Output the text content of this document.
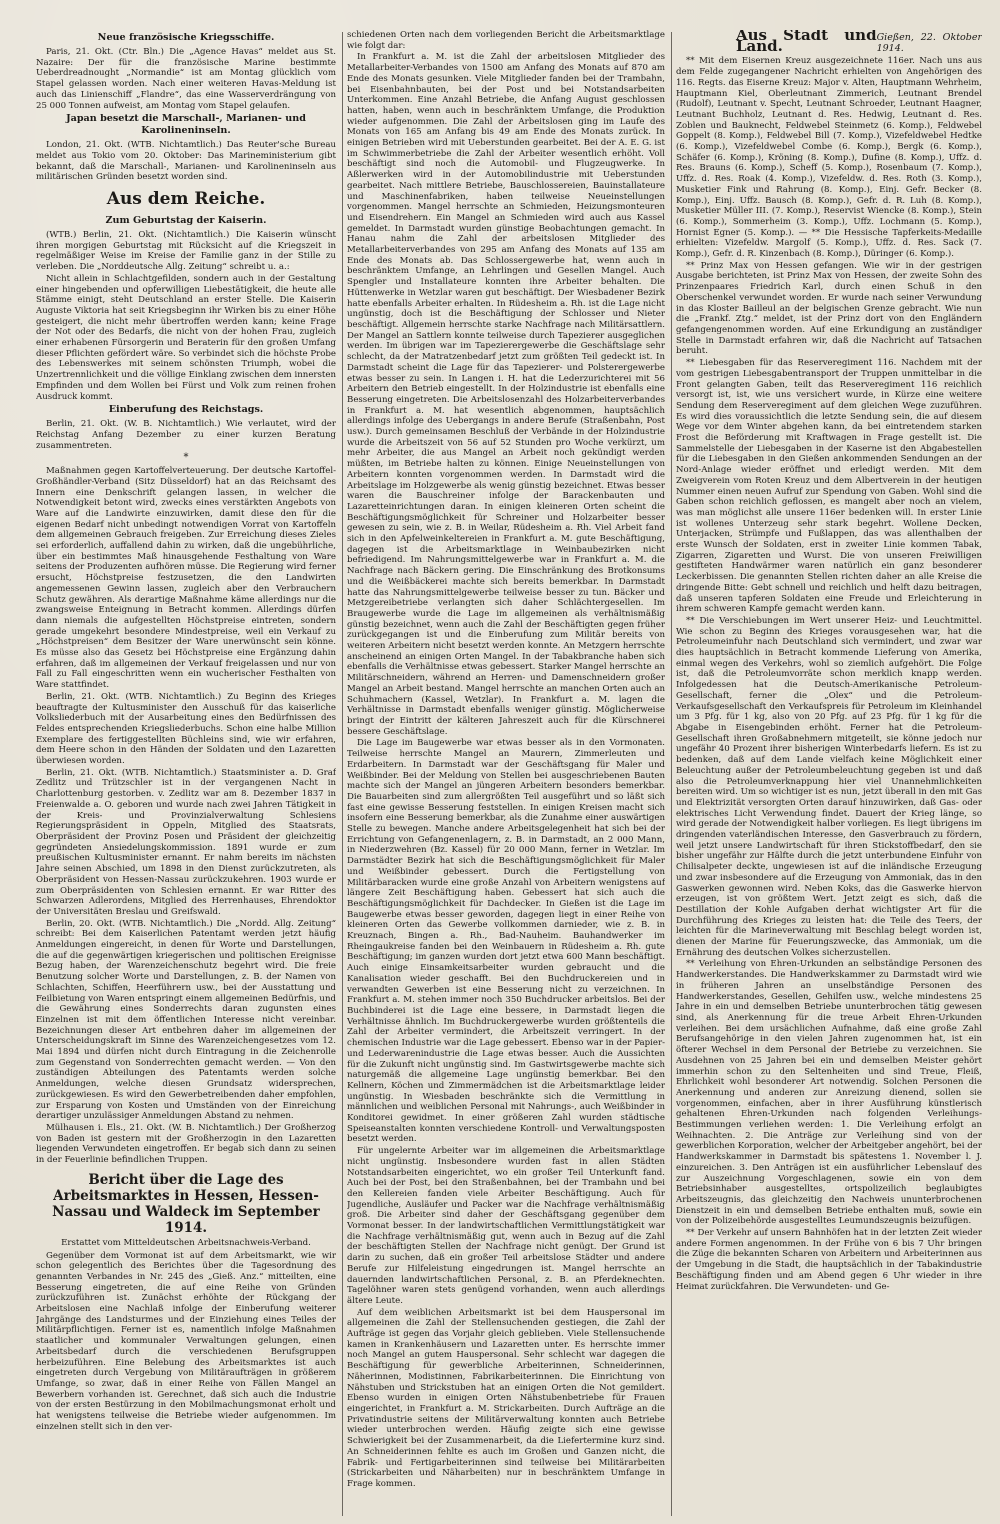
Neue französische Kriegsschiffe.

Paris, 21. Okt. (Ctr. Bln.) Die „Agence Havas“ meldet aus St. Nazaire: Der für die französische Marine bestimmte Ueberdreadnought „Normandie“ ist am Montag glücklich vom Stapel gelassen worden. Nach einer weiteren Havas-Meldung ist auch das Linienschiff „Flandre“, das eine Wasserverdrängung von 25 000 Tonnen aufweist, am Montag vom Stapel gelaufen.

Japan besetzt die Marschall-, Marianen- und Karolineninseln.

London, 21. Okt. (WTB. Nichtamtlich.) Das Reuter'sche Bureau meldet aus Tokio vom 20. Oktober: Das Marineministerium gibt bekannt, daß die Marschall-, Marianen- und Karolineninseln aus militärischen Gründen besetzt worden sind.

Aus dem Reiche.
Zum Geburtstag der Kaiserin.

(WTB.) Berlin, 21. Okt. (Nichtamtlich.) Die Kaiserin wünscht ihren morgigen Geburtstag mit Rücksicht auf die Kriegszeit in regelmäßiger Weise im Kreise der Familie ganz in der Stille zu verleben. Die „Norddeutsche Allg. Zeitung“ schreibt u. a.:

Nicht allein in Schlachtgefilden, sondern auch in der Gestaltung einer hingebenden und opferwilligen Liebestätigkeit, die heute alle Stämme einigt, steht Deutschland an erster Stelle. Die Kaiserin Auguste Viktoria hat seit Kriegsbeginn ihr Wirken bis zu einer Höhe gesteigert, die nicht mehr übertroffen werden kann; keine Frage der Not oder des Bedarfs, die nicht von der hohen Frau, zugleich einer erhabenen Fürsorgerin und Beraterin für den großen Umfang dieser Pflichten gefördert wäre. So verbindet sich die höchste Probe des Lebenswerkes mit seinem schönsten Triumph, wobei die Unzertrennlichkeit und die völlige Einklang zwischen dem innersten Empfinden und dem Wollen bei Fürst und Volk zum reinen frohen Ausdruck kommt.

Einberufung des Reichstags.

Berlin, 21. Okt. (W. B. Nichtamtlich.) Wie verlautet, wird der Reichstag Anfang Dezember zu einer kurzen Beratung zusammentreten.

*

Maßnahmen gegen Kartoffelverteuerung. Der deutsche Kartoffel-Großhändler-Verband (Sitz Düsseldorf) hat an das Reichsamt des Innern eine Denkschrift gelangen lassen, in welcher die Notwendigkeit betont wird, zwecks eines verstärkten Angebots von Ware auf die Landwirte einzuwirken, damit diese den für die eigenen Bedarf nicht unbedingt notwendigen Vorrat von Kartoffeln dem allgemeinen Gebrauch freigeben. Zur Erreichung dieses Zieles sei erforderlich, auffallend dahin zu wirken, daß die ungebührliche, über ein bestimmtes Maß hinausgehende Festhaltung von Ware seitens der Produzenten aufhören müsse. Die Regierung wird ferner ersucht, Höchstpreise festzusetzen, die den Landwirten angemessenen Gewinn lassen, zugleich aber den Verbrauchern Schutz gewähren. Als derartige Maßnahme käme allerdings nur die zwangsweise Enteignung in Betracht kommen. Allerdings dürfen dann niemals die aufgestellten Höchstpreise eintreten, sondern gerade umgekehrt besondere Mindestpreise, weil ein Verkauf zu „Höchstpreisen“ dem Besitzer der Ware unerwünscht sein könne. Es müsse also das Gesetz bei Höchstpreise eine Ergänzung dahin erfahren, daß im allgemeinen der Verkauf freigelassen und nur von Fall zu Fall eingeschritten wenn ein wucherischer Festhalten von Ware stattfindet.

Berlin, 21. Okt. (WTB. Nichtamtlich.) Zu Beginn des Krieges beauftragte der Kultusminister den Ausschuß für das kaiserliche Volksliederbuch mit der Ausarbeitung eines den Bedürfnissen des Feldes entsprechenden Kriegsliederbuchs. Schon eine halbe Million Exemplare des fertiggestellten Büchleins sind, wie wir erfahren, dem Heere schon in den Händen der Soldaten und den Lazaretten überwiesen worden.

Berlin, 21. Okt. (WTB. Nichtamtlich.) Staatsminister a. D. Graf Zedlitz und Trützschler ist in der vergangenen Nacht in Charlottenburg gestorben. v. Zedlitz war am 8. Dezember 1837 in Freienwalde a. O. geboren und wurde nach zwei Jahren Tätigkeit in der Kreis- und Provinzialverwaltung Schlesiens Regierungspräsident in Oppeln, Mitglied des Staatsrats, Oberpräsident der Provinz Posen und Präsident der gleichzeitig gegründeten Ansiedelungskommission. 1891 wurde er zum preußischen Kultusminister ernannt. Er nahm bereits im nächsten Jahre seinen Abschied, um 1898 in den Dienst zurückzutreten, als Oberpräsident von Hessen-Nassau zurückzukehren. 1903 wurde er zum Oberpräsidenten von Schlesien ernannt. Er war Ritter des Schwarzen Adlerordens, Mitglied des Herrenhauses, Ehrendoktor der Universitäten Breslau und Greifswald.

Berlin, 20. Okt. (WTB. Nichtamtlich.) Die „Nordd. Allg. Zeitung“ schreibt: Bei dem Kaiserlichen Patentamt werden jetzt häufig Anmeldungen eingereicht, in denen für Worte und Darstellungen, die auf die gegenwärtigen kriegerischen und politischen Ereignisse Bezug haben, der Warenzeichenschutz begehrt wird. Die freie Benutzung solcher Worte und Darstellungen, z. B. der Namen von Schlachten, Schiffen, Heerführern usw., bei der Ausstattung und Feilbietung von Waren entspringt einem allgemeinen Bedürfnis, und die Gewährung eines Sonderrechts daran zugunsten eines Einzelnen ist mit dem öffentlichen Interesse nicht vereinbar. Bezeichnungen dieser Art entbehren daher im allgemeinen der Unterscheidungskraft im Sinne des Warenzeichengesetzes vom 12. Mai 1894 und dürfen nicht durch Eintragung in die Zeichenrolle zum Gegenstand von Sonderrechten gemacht werden. — Von den zuständigen Abteilungen des Patentamts werden solche Anmeldungen, welche diesen Grundsatz widersprechen, zurückgewiesen. Es wird den Gewerbetreibenden daher empfohlen, zur Ersparung von Kosten und Umständen von der Einreichung derartiger unzulässiger Anmeldungen Abstand zu nehmen.

Mülhausen i. Els., 21. Okt. (W. B. Nichtamtlich.) Der Großherzog von Baden ist gestern mit der Großherzogin in den Lazaretten liegenden Verwundeten eingetroffen. Er begab sich dann zu seinen in der Feuerlinie befindlichen Truppen.

Bericht über die Lage des Arbeitsmarktes in Hessen, Hessen-Nassau und Waldeck im September 1914.
Erstattet vom Mitteldeutschen Arbeitsnachweis-Verband.

Gegenüber dem Vormonat ist auf dem Arbeitsmarkt, wie wir schon gelegentlich des Berichtes über die Tagesordnung des genannten Verbandes in Nr. 245 des „Gieß. Anz.“ mitteilten, eine Besserung eingetreten, die auf eine Reihe von Gründen zurückzuführen ist. Zunächst erhöhte der Rückgang der Arbeitslosen eine Nachlaß infolge der Einberufung weiterer Jahrgänge des Landsturmes und der Einziehung eines Teiles der Militärpflichtigen. Ferner ist es, namentlich infolge Maßnahmen staatlicher und kommunaler Verwaltungen gelungen, einen Arbeitsbedarf durch die verschiedenen Berufsgruppen herbeizuführen. Eine Belebung des Arbeitsmarktes ist auch eingetreten durch Vergebung von Militäraufträgen in größerem Umfange, so zwar, daß in einer Reihe von Fällen Mangel an Bewerbern vorhanden ist. Gerechnet, daß sich auch die Industrie von der ersten Bestürzung in den Mobilmachungsmonat erholt und hat wenigstens teilweise die Betriebe wieder aufgenommen. Im einzelnen stellt sich in den ver-

schiedenen Orten nach dem vorliegenden Bericht die Arbeitsmarktlage wie folgt dar:

In Frankfurt a. M. ist die Zahl der arbeitslosen Mitglieder des Metallarbeiter-Verbandes von 1500 am Anfang des Monats auf 870 am Ende des Monats gesunken. Viele Mitglieder fanden bei der Trambahn, bei Eisenbahnbauten, bei der Post und bei Notstandsarbeiten Unterkommen. Eine Anzahl Betriebe, die Anfang August geschlossen hatten, haben, wenn auch in beschränktem Umfange, die Produktion wieder aufgenommen. Die Zahl der Arbeitslosen ging im Laufe des Monats von 165 am Anfang bis 49 am Ende des Monats zurück. In einigen Betrieben wird mit Ueberstunden gearbeitet. Bei der A. E. G. ist im Schwimmerbetriebe die Zahl der Arbeiter wesentlich erhöht. Voll beschäftigt sind noch die Automobil- und Flugzeugwerke. In Aßlerwerken wird in der Automobilindustrie mit Ueberstunden gearbeitet. Nach mittlere Betriebe, Bauschlossereien, Bauinstallateure und Maschinenfabriken, haben teilweise Neueinstellungen vorgenommen. Mangel herrschte an Schmieden, Heizungsmonteuren und Eisendrehern. Ein Mangel an Schmieden wird auch aus Kassel gemeldet. In Darmstadt wurden günstige Beobachtungen gemacht. In Hanau nahm die Zahl der arbeitslosen Mitglieder des Metallarbeiterverbandes von 295 am Anfang des Monats auf 135 am Ende des Monats ab. Das Schlossergewerbe hat, wenn auch in beschränktem Umfange, an Lehrlingen und Gesellen Mangel. Auch Spengler und Installateure konnten ihre Arbeiter behalten. Die Hüttenwerke in Wetzlar waren gut beschäftigt. Der Wiesbadener Bezirk hatte ebenfalls Arbeiter erhalten. In Rüdesheim a. Rh. ist die Lage nicht ungünstig, doch ist die Beschäftigung der Schlosser und Nieter beschäftigt. Allgemein herrschte starke Nachfrage nach Militärsattlern. Der Mangel an Sattlern konnte teilweise durch Tapezierer ausgeglichen werden. Im übrigen war im Tapezierergewerbe die Geschäftslage sehr schlecht, da der Matratzenbedarf jetzt zum größten Teil gedeckt ist. In Darmstadt scheint die Lage für das Tapezierer- und Polsterergewerbe etwas besser zu sein. In Langen i. H. hat die Lederzurichterei mit 56 Arbeitern den Betrieb eingestellt. In der Holzindustrie ist ebenfalls eine Besserung eingetreten. Die Arbeitslosenzahl des Holzarbeiterverbandes in Frankfurt a. M. hat wesentlich abgenommen, hauptsächlich allerdings infolge des Uebergangs in andere Berufe (Straßenbahn, Post usw.). Durch gemeinsamen Beschluß der Verbände in der Holzindustrie wurde die Arbeitszeit von 56 auf 52 Stunden pro Woche verkürzt, um mehr Arbeiter, die aus Mangel an Arbeit noch gekündigt werden müßten, im Betriebe halten zu können. Einige Neueinstellungen von Arbeitern konnten vorgenommen werden. In Darmstadt wird die Arbeitslage im Holzgewerbe als wenig günstig bezeichnet. Etwas besser waren die Bauschreiner infolge der Barackenbauten und Lazaretteinrichtungen daran. In einigen kleineren Orten scheint die Beschäftigungsmöglichkeit für Schreiner und Holzarbeiter besser gewesen zu sein, wie z. B. in Weilar, Rüdesheim a. Rh. Viel Arbeit fand sich in den Apfelweinkeltereien in Frankfurt a. M. gute Beschäftigung, dagegen ist die Arbeitsmarktlage in Weinbaubezirken nicht befriedigend. Im Nahrungsmittelgewerbe war in Frankfurt a. M. die Nachfrage nach Bäckern gering. Die Einschränkung des Brotkonsums und die Weißbäckerei machte sich bereits bemerkbar. In Darmstadt hatte das Nahrungsmittelgewerbe teilweise besser zu tun. Bäcker und Metzgereibetriebe verlangten sich daher Schlächtergesellen. Im Braugewerbe wurde die Lage im allgemeinen als verhältnismäßig günstig bezeichnet, wenn auch die Zahl der Beschäftigten gegen früher zurückgegangen ist und die Einberufung zum Militär bereits von weiteren Arbeitern nicht besetzt werden konnte. An Metzgern herrschte anscheinend an einigen Orten Mangel. In der Tabakbranche haben sich ebenfalls die Verhältnisse etwas gebessert. Starker Mangel herrschte an Militärschneidern, während an Herren- und Damenschneidern großer Mangel an Arbeit bestand. Mangel herrschte an manchen Orten auch an Schuhmachern (Kassel, Wetzlar). In Frankfurt a. M. lagen die Verhältnisse in Darmstadt ebenfalls weniger günstig. Möglicherweise bringt der Eintritt der kälteren Jahreszeit auch für die Kürschnerei bessere Geschäftslage.

Die Lage im Baugewerbe war etwas besser als in den Vormonaten. Teilweise herrschte Mangel an Maurern, Zimmerleuten und Erdarbeitern. In Darmstadt war der Geschäftsgang für Maler und Weißbinder. Bei der Meldung von Stellen bei ausgeschriebenen Bauten machte sich der Mangel an jüngeren Arbeitern besonders bemerkbar. Die Bauarbeiten sind zum allergrößten Teil ausgeführt und so läßt sich fast eine gewisse Besserung feststellen. In einigen Kreisen macht sich insofern eine Besserung bemerkbar, als die Zunahme einer auswärtigen Stelle zu bewegen. Manche andere Arbeitsgelegenheit hat sich bei der Errichtung von Gefangenenlagern, z. B. in Darmstadt, an 2 000 Mann, in Niederzwehren (Bz. Kassel) für 20 000 Mann, ferner in Wetzlar. Im Darmstädter Bezirk hat sich die Beschäftigungsmöglichkeit für Maler und Weißbinder gebessert. Durch die Fertigstellung von Militärbaracken wurde eine große Anzahl von Arbeitern wenigstens auf längere Zeit Beschäftigung haben. Gebessert hat sich auch die Beschäftigungsmöglichkeit für Dachdecker. In Gießen ist die Lage im Baugewerbe etwas besser geworden, dagegen liegt in einer Reihe von kleineren Orten das Gewerbe vollkommen darnieder, wie z. B. in Kreuznach, Bingen a. Rh., Bad-Nauheim. Bauhandwerker im Rheingaukreise fanden bei den Weinbauern in Rüdesheim a. Rh. gute Beschäftigung; im ganzen wurden dort jetzt etwa 600 Mann beschäftigt. Auch einige Einsamkeitsarbeiter wurden gebraucht und die Kanalisation wieder geschafft. Bei den Buchdruckereien und in verwandten Gewerben ist eine Besserung nicht zu verzeichnen. In Frankfurt a. M. stehen immer noch 350 Buchdrucker arbeitslos. Bei der Buchbinderei ist die Lage eine bessere, in Darmstadt liegen die Verhältnisse ähnlich. Im Buchdruckergewerbe wurden größtenteils die Zahl der Arbeiter vermindert, die Arbeitszeit verringert. In der chemischen Industrie war die Lage gebessert. Ebenso war in der Papier- und Lederwarenindustrie die Lage etwas besser. Auch die Aussichten für die Zukunft nicht ungünstig sind. Im Gastwirtsgewerbe machte sich naturgemäß die allgemeine Lage ungünstig bemerkbar. Bei den Kellnern, Köchen und Zimmermädchen ist die Arbeitsmarktlage leider ungünstig. In Wiesbaden beschränkte sich die Vermittlung in männlichen und weiblichen Personal mit Nahrungs-, auch Weißbinder in Konditorei gewidmet. In einer größeren Zahl wurden städtische Speiseanstalten konnten verschiedene Kontroll- und Verwaltungsposten besetzt werden.

Für ungelernte Arbeiter war im allgemeinen die Arbeitsmarktlage nicht ungünstig. Insbesondere wurden fast in allen Städten Notstandsarbeiten eingerichtet, wo ein großer Teil Unterkunft fand. Auch bei der Post, bei den Straßenbahnen, bei der Trambahn und bei den Kellereien fanden viele Arbeiter Beschäftigung. Auch für Jugendliche, Ausläufer und Packer war die Nachfrage verhältnismäßig groß. Die Arbeiter sind daher der Geschäftsgang gegenüber dem Vormonat besser. In der landwirtschaftlichen Vermittlungstätigkeit war die Nachfrage verhältnismäßig gut, wenn auch in Bezug auf die Zahl der beschäftigten Stellen der Nachfrage nicht genügt. Der Grund ist darin zu suchen, daß ein großer Teil arbeitslose Städter und andere Berufe zur Hilfeleistung eingedrungen ist. Mangel herrschte an dauernden landwirtschaftlichen Personal, z. B. an Pferdeknechten. Tagelöhner waren stets genügend vorhanden, wenn auch allerdings ältere Leute.

Auf dem weiblichen Arbeitsmarkt ist bei dem Hauspersonal im allgemeinen die Zahl der Stellensuchenden gestiegen, die Zahl der Aufträge ist gegen das Vorjahr gleich geblieben. Viele Stellensuchende kamen in Krankenhäusern und Lazaretten unter. Es herrschte immer noch Mangel an gutem Hauspersonal. Sehr schlecht war dagegen die Beschäftigung für gewerbliche Arbeiterinnen, Schneiderinnen, Näherinnen, Modistinnen, Fabrikarbeiterinnen. Die Einrichtung von Nähstuben und Strickstuben hat an einigen Orten die Not gemildert. Ebenso wurden in einigen Orten Nähstubenbetriebe für Frauen eingerichtet, in Frankfurt a. M. Strickarbeiten. Durch Aufträge an die Privatindustrie seitens der Militärverwaltung konnten auch Betriebe wieder unterbrochen werden. Häufig zeigte sich eine gewisse Schwierigkeit bei der Zusammenarbeit, da die Liefertermine kurz sind. An Schneiderinnen fehlte es auch im Großen und Ganzen nicht, die Fabrik- und Fertigarbeiterinnen sind teilweise bei Militärarbeiten (Strickarbeiten und Näharbeiten) nur in beschränktem Umfange in Frage kommen.

Aus Stadt und Land.	Gießen, 22. Oktober 1914.

** Mit dem Eisernen Kreuz ausgezeichnete 116er. Nach uns aus dem Felde zugegangener Nachricht erhielten von Angehörigen des 116. Regts. das Eiserne Kreuz: Major v. Alten, Hauptmann Wehrheim, Hauptmann Kiel, Oberleutnant Zimmerich, Leutnant Brendel (Rudolf), Leutnant v. Specht, Leutnant Schroeder, Leutnant Haagner, Leutnant Buchholz, Leutnant d. Res. Hedwig, Leutnant d. Res. Zoblen und Bauknecht, Feldwebel Steinmetz (6. Komp.), Feldwebel Goppelt (8. Komp.), Feldwebel Bill (7. Komp.), Vizefeldwebel Hedtke (6. Komp.), Vizefeldwebel Combe (6. Komp.), Bergk (6. Komp.), Schäfer (6. Komp.), Kröning (8. Komp.), Dufine (8. Komp.), Uffz. d. Res. Brauns (6. Komp.), Scheff (5. Komp.), Rosenbaum (7. Komp.), Uffz. d. Res. Roak (4. Komp.), Vizefeldw. d. Res. Roth (3. Komp.), Musketier Fink und Rahrung (8. Komp.), Einj. Gefr. Becker (8. Komp.), Einj. Uffz. Bausch (8. Komp.), Gefr. d. R. Luh (8. Komp.), Musketier Müller III. (7. Komp.), Reservist Wiencke (8. Komp.), Stein (6. Komp.), Sommerheim (3. Komp.), Uffz. Lochmann (5. Komp.), Hornist Egner (5. Komp.). — ** Die Hessische Tapferkeits-Medaille erhielten: Vizefeldw. Margolf (5. Komp.), Uffz. d. Res. Sack (7. Komp.), Gefr. d. R. Kinzenbach (8. Komp.), Düringer (6. Komp.).

** Prinz Max von Hessen gefangen. Wie wir in der gestrigen Ausgabe berichteten, ist Prinz Max von Hessen, der zweite Sohn des Prinzenpaares Friedrich Karl, durch einen Schuß in den Oberschenkel verwundet worden. Er wurde nach seiner Verwundung in das Kloster Bailleul an der belgischen Grenze gebracht. Wie nun die „Frankf. Ztg.“ meldet, ist der Prinz dort von den Engländern gefangengenommen worden. Auf eine Erkundigung an zuständiger Stelle in Darmstadt erfahren wir, daß die Nachricht auf Tatsachen beruht.

** Liebesgaben für das Reserveregiment 116. Nachdem mit der vom gestrigen Liebesgabentransport der Truppen unmittelbar in die Front gelangten Gaben, teilt das Reserveregiment 116 reichlich versorgt ist, ist, wie uns versichert wurde, in Kürze eine weitere Sendung dem Reserveregiment auf dem gleichen Wege zuzuführen. Es wird dies voraussichtlich die letzte Sendung sein, die auf diesem Wege vor dem Winter abgehen kann, da bei eintretendem starken Frost die Beförderung mit Kraftwagen in Frage gestellt ist. Die Sammelstelle der Liebesgaben in der Kaserne ist den Abgabestellen für die Liebesgaben in den Gießen ankommenden Sendungen an der Nord-Anlage wieder eröffnet und erledigt werden. Mit dem Zweigverein vom Roten Kreuz und dem Albertverein in der heutigen Nummer einen neuen Aufruf zur Spendung von Gaben. Wohl sind die Gaben schon reichlich geflossen, es mangelt aber noch an vielem, was man möglichst alle unsere 116er bedenken will. In erster Linie ist wollenes Unterzeug sehr stark begehrt. Wollene Decken, Unterjacken, Strümpfe und Fußlappen, das was allenthalben der erste Wunsch der Soldaten, erst in zweiter Linie kommen Tabak, Zigarren, Zigaretten und Wurst. Die von unseren Freiwilligen gestifteten Handwärmer waren natürlich ein ganz besonderer Leckerbissen. Die genannten Stellen richten daher an alle Kreise die dringende Bitte: Gebt schnell und reichlich und helft dazu beitragen, daß unseren tapferen Soldaten eine Freude und Erleichterung in ihrem schweren Kampfe gemacht werden kann.

** Die Verschiebungen im Wert unserer Heiz- und Leuchtmittel. Wie schon zu Beginn des Krieges vorausgesehen war, hat die Petroleumeinfuhr nach Deutschland sich vermindert, und zwar war dies hauptsächlich in Betracht kommende Lieferung von Amerika, einmal wegen des Verkehrs, wohl so ziemlich aufgehört. Die Folge ist, daß die Petroleumvorräte schon merklich knapp werden. Infolgedessen hat die Deutsch-Amerikanische Petroleum-Gesellschaft, ferner die „Olex“ und die Petroleum-Verkaufsgesellschaft den Verkaufspreis für Petroleum im Kleinhandel um 3 Pfg. für 1 kg, also von 20 Pfg. auf 23 Pfg. für 1 kg für die Abgabe in Eisengebinden erhöht. Ferner hat die Petroleum-Gesellschaft ihren Großabnehmern mitgeteilt, sie könne jedoch nur ungefähr 40 Prozent ihrer bisherigen Winterbedarfs liefern. Es ist zu bedenken, daß auf dem Lande vielfach keine Möglichkeit einer Beleuchtung außer der Petroleumbeleuchtung gegeben ist und daß also die Petroleumverknappung hier viel Unannehmlichkeiten bereiten wird. Um so wichtiger ist es nun, jetzt überall in den mit Gas und Elektrizität versorgten Orten darauf hinzuwirken, daß Gas- oder elektrisches Licht Verwendung findet. Dauert der Krieg länge, so wird gerade der Notwendigkeit halber vorliegen. Es liegt übrigens im dringenden vaterländischen Interesse, den Gasverbrauch zu fördern, weil jetzt unsere Landwirtschaft für ihren Stickstoffbedarf, den sie bisher ungefähr zur Hälfte durch die jetzt unterbundene Einfuhr von Chilisalpeter deckte, ungewiesen ist auf die inländische Erzeugung und zwar insbesondere auf die Erzeugung von Ammoniak, das in den Gaswerken gewonnen wird. Neben Koks, das die Gaswerke hiervon erzeugen, ist von größtem Wert. Jetzt zeigt es sich, daß die Destillation der Kohle Aufgaben derhat wichtigster Art für die Durchführung des Krieges zu leisten hat: die Teile des Teers, der leichten für die Marineverwaltung mit Beschlag belegt worden ist, dienen der Marine für Feuerungszwecke, das Ammoniak, um die Ernährung des deutschen Volkes sicherzustellen.

** Verleihung von Ehren-Urkunden an selbständige Personen des Handwerkerstandes. Die Handwerkskammer zu Darmstadt wird wie in früheren Jahren an unselbständige Personen des Handwerkerstandes, Gesellen, Gehilfen usw., welche mindestens 25 Jahre in ein und demselben Betriebe ununterbrochen tätig gewesen sind, als Anerkennung für die treue Arbeit Ehren-Urkunden verleihen. Bei dem ursächlichen Aufnahme, daß eine große Zahl Berufsangehörige in den vielen Jahren zugenommen hat, ist ein öfterer Wechsel in dem Personal der Betriebe zu verzeichnen. Sie Ausdehnen von 25 Jahren bei ein und demselben Meister gehört immerhin schon zu den Seltenheiten und sind Treue, Fleiß, Ehrlichkeit wohl besonderer Art notwendig. Solchen Personen die Anerkennung und anderen zur Anreizung dienend, sollen sie vorgenommen, einfachen, aber in ihrer Ausführung künstlerisch gehaltenen Ehren-Urkunden nach folgenden Verleihungs-Bestimmungen verliehen werden: 1. Die Verleihung erfolgt an Weihnachten. 2. Die Anträge zur Verleihung sind von der gewerblichen Korporation, welcher der Arbeitgeber angehört, bei der Handwerkskammer in Darmstadt bis spätestens 1. November l. J. einzureichen. 3. Den Anträgen ist ein ausführlicher Lebenslauf des zur Auszeichnung Vorgeschlagenen, sowie ein von dem Betriebsinhaber ausgestelltes, ortspolizeilich beglaubigtes Arbeitszeugnis, das gleichzeitig den Nachweis ununterbrochenen Dienstzeit in ein und demselben Betriebe enthalten muß, sowie ein von der Polizeibehörde ausgestelltes Leumundszeugnis beizufügen.

** Der Verkehr auf unsern Bahnhöfen hat in der letzten Zeit wieder andere Formen angenommen. In der Frühe von 6 bis 7 Uhr bringen die Züge die bekannten Scharen von Arbeitern und Arbeiterinnen aus der Umgebung in die Stadt, die hauptsächlich in der Tabakindustrie Beschäftigung finden und am Abend gegen 6 Uhr wieder in ihre Heimat zurückfahren. Die Verwundeten- und Ge-
